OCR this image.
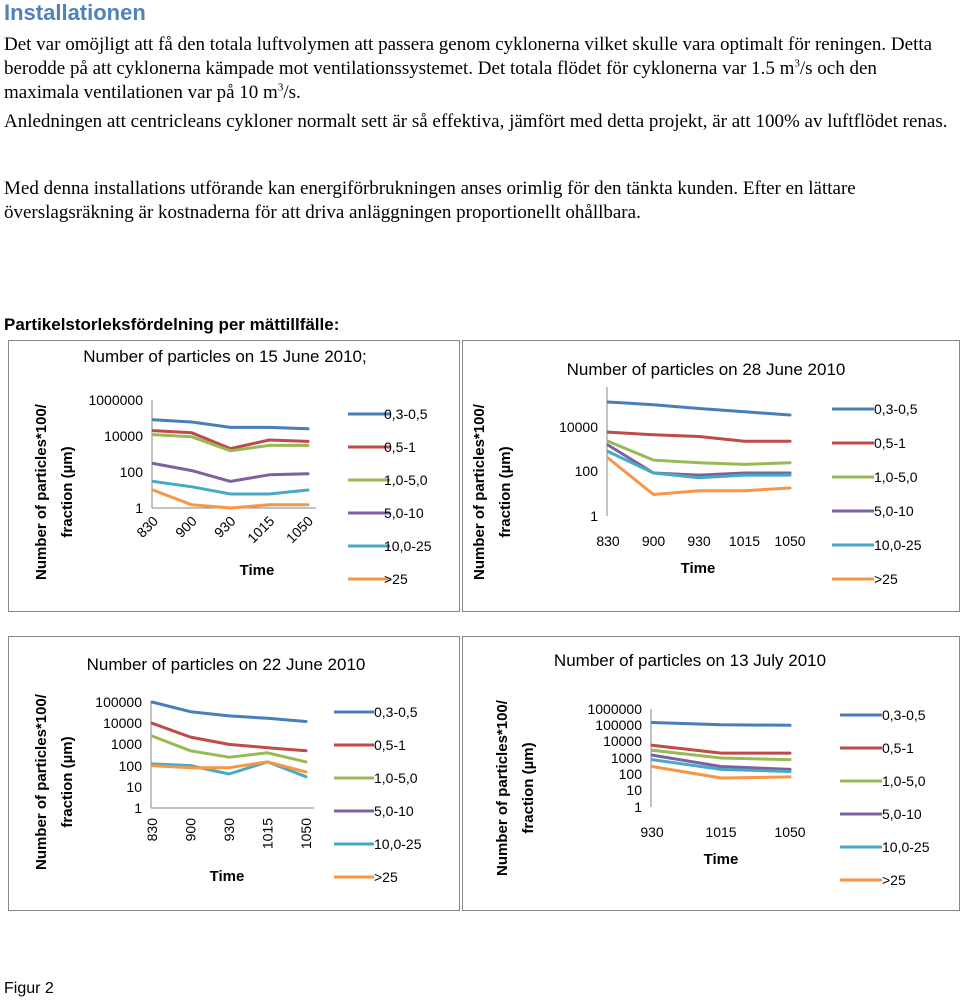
Installationen
Det var omöjligt att få den totala luftvolymen att passera genom cyklonerna vilket skulle vara optimalt för reningen. Detta berodde på att cyklonerna kämpade mot ventilationssystemet. Det totala flödet för cyklonerna var 1.5 $m^3/s$ och den maximala ventilationen var på 10 $m^3/s$.
Anledningen att centricleans cykloner normalt sett är så effektiva, jämfört med detta projekt, är att 100% av luftflödet renas.
Med denna installations utförande kan energiförbrukningen anses orimlig för den tänkta kunden. Efter en lättare överslagsräkning är kostnaderna för att driva anläggningen proportionellt ohållbara.
Partikelstorleksfördelning per mättillfälle:
Number of particles on 15 June 2010;
Number of particles*100/ fraction (µm)
1000000
10000
100
1
830 900 930 1015 1050
Time
0,3-0,5
0,5-1
1,0-5,0
5,0-10
10,0-25
>25
Number of particles on 28 June 2010
Number of particles*100/ fraction (µm)
10000
100
1
830 900 930 1015 1050
Time
0,3-0,5
0,5-1
1,0-5,0
5,0-10
10,0-25
>25
Number of particles on 22 June 2010
Number of particles*100/ fraction (µm)
100000
10000
1000
100
10
1
830 900 930 1015 1050
Time
0,3-0,5
0,5-1
1,0-5,0
5,0-10
10,0-25
>25
Number of particles on 13 July 2010
Number of particles*100/ fraction (µm)
1000000
100000
10000
1000
100
10
1
930	1015	1050
Time
0,3-0,5
0,5-1
1,0-5,0
5,0-10
10,0-25
>25
Figur 2
